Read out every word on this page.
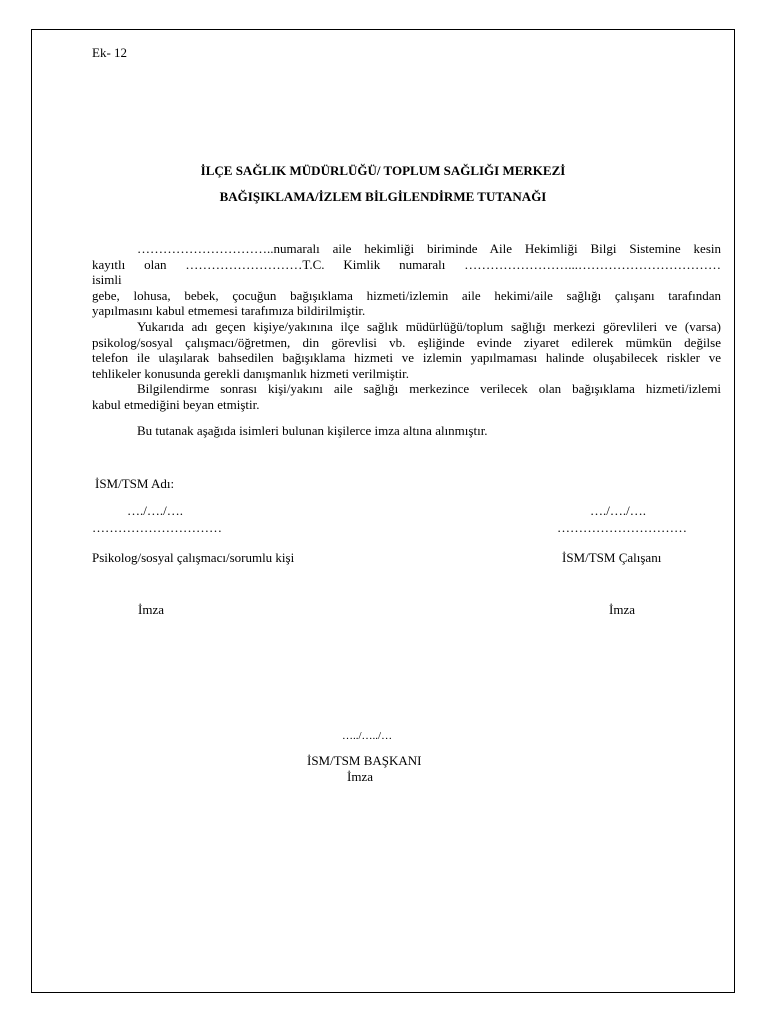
Ek- 12
İLÇE SAĞLIK MÜDÜRLÜĞÜ/ TOPLUM SAĞLIĞI MERKEZİ
BAĞIŞIKLAMA/İZLEM BİLGİLENDİRME TUTANAĞI
…………………………..numaralı aile hekimliği biriminde Aile Hekimliği Bilgi Sistemine kesin
kayıtlı olan ………………………T.C. Kimlik numaralı ……………………...……………………………
isimli
gebe, lohusa, bebek, çocuğun bağışıklama hizmeti/izlemin aile hekimi/aile sağlığı çalışanı tarafından
yapılmasını kabul etmemesi tarafımıza bildirilmiştir.
Yukarıda adı geçen kişiye/yakınına ilçe sağlık müdürlüğü/toplum sağlığı merkezi görevlileri ve (varsa)
psikolog/sosyal çalışmacı/öğretmen, din görevlisi vb. eşliğinde evinde ziyaret edilerek mümkün değilse
telefon ile ulaşılarak bahsedilen bağışıklama hizmeti ve izlemin yapılmaması halinde oluşabilecek riskler ve
tehlikeler konusunda gerekli danışmanlık hizmeti verilmiştir.
Bilgilendirme sonrası kişi/yakını aile sağlığı merkezince verilecek olan bağışıklama hizmeti/izlemi
kabul etmediğini beyan etmiştir.
Bu tutanak aşağıda isimleri bulunan kişilerce imza altına alınmıştır.
İSM/TSM Adı:
…./…./….	…./…./….
…………………………	…………………………
Psikolog/sosyal çalışmacı/sorumlu kişi	İSM/TSM Çalışanı
İmza	İmza
…../…../…
İSM/TSM BAŞKANI
İmza
